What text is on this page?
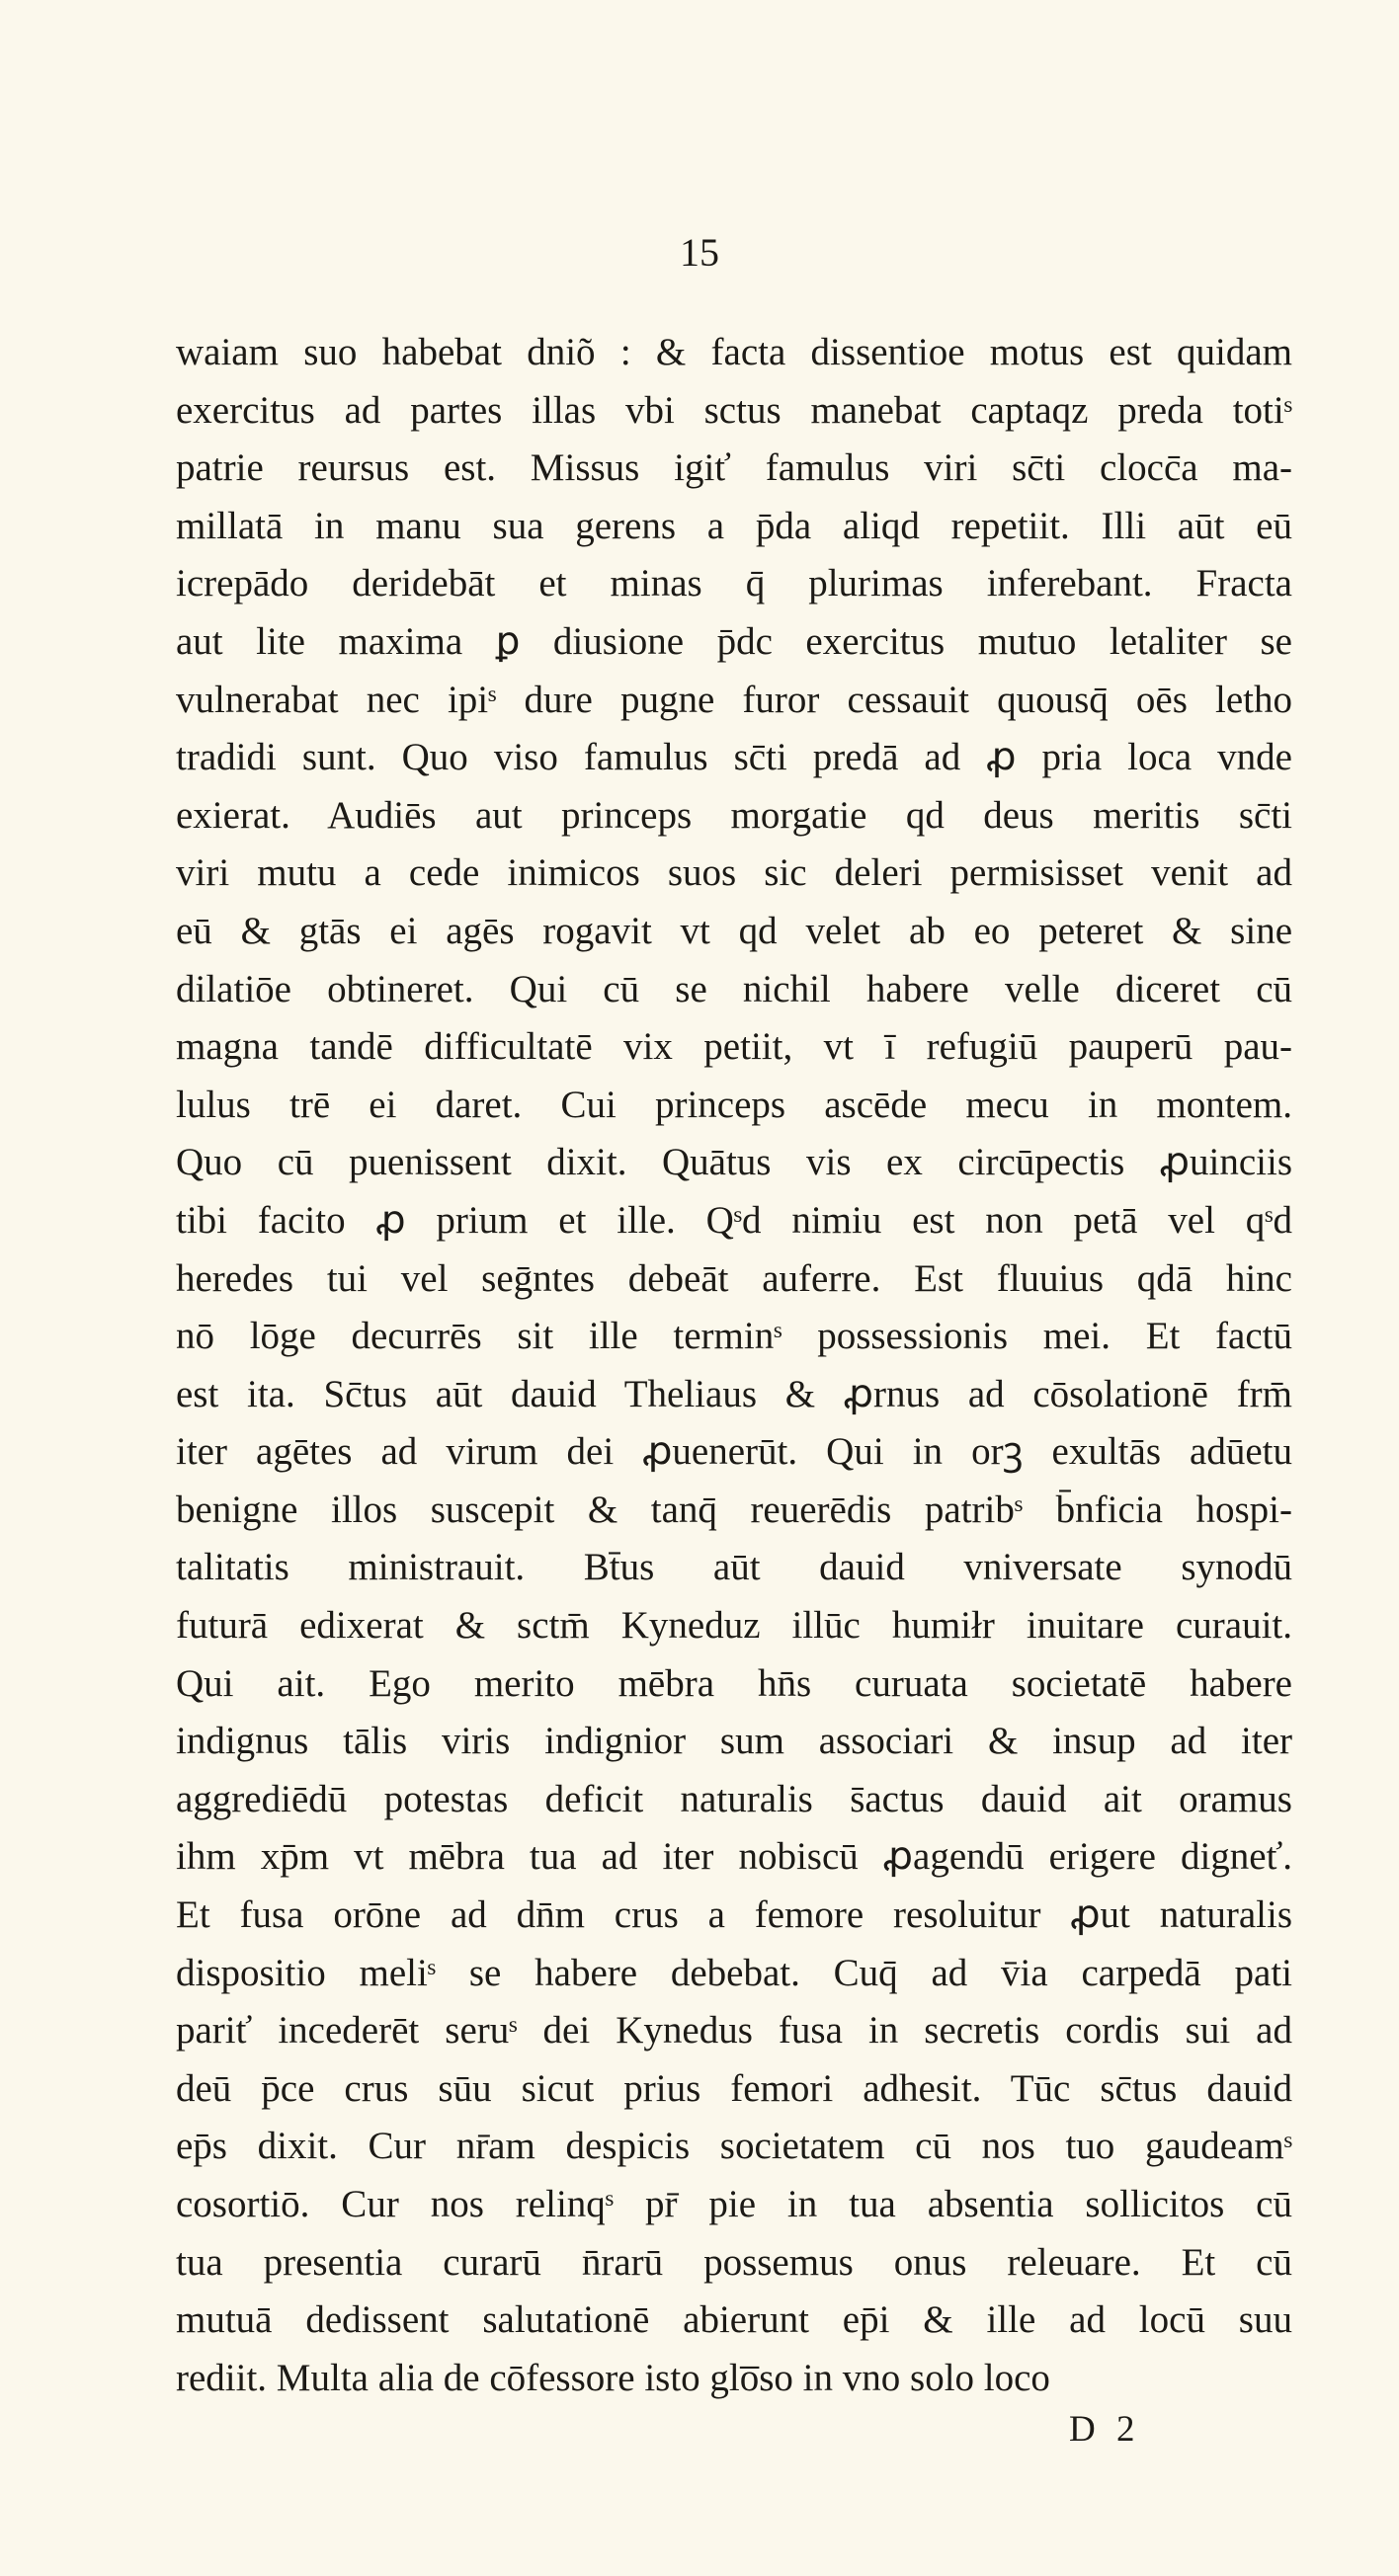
15
waiam suo habebat dniõ : & facta dissentioe motus est quidam
exercitus ad partes illas vbi sctus manebat captaqz preda totiˢ
patrie reursus est. Missus igiť famulus viri sc̄ti clocc̄a ma-
millatā in manu sua gerens a p̄da aliqd repetiit. Illi aūt eū
icrepādo deridebāt et minas q̄ plurimas inferebant. Fracta
aut lite maxima ꝑ diusione p̄dc exercitus mutuo letaliter se
vulnerabat nec ipiˢ dure pugne furor cessauit quousq̄ oēs letho
tradidi sunt. Quo viso famulus sc̄ti predā ad ꝓ pria loca vnde
exierat. Audiēs aut princeps morgatie qd deus meritis sc̄ti
viri mutu a cede inimicos suos sic deleri permisisset venit ad
eū & gtās ei agēs rogavit vt qd velet ab eo peteret & sine
dilatiōe obtineret. Qui cū se nichil habere velle diceret cū
magna tandē difficultatē vix petiit, vt ī refugiū pauperū pau-
lulus trē ei daret. Cui princeps ascēde mecu in montem.
Quo cū puenissent dixit. Quātus vis ex circūpectis ꝓuinciis
tibi facito ꝓ prium et ille. Qˢd nimiu est non petā vel qˢd
heredes tui vel seḡntes debeāt auferre. Est fluuius qdā hinc
nō lōge decurrēs sit ille terminˢ possessionis mei. Et factū
est ita. Sc̄tus aūt dauid Theliaus & ꝓrnus ad cōsolationē frm̄
iter agētes ad virum dei ꝓuenerūt. Qui in orꝫ exultās adūetu
benigne illos suscepit & tanq̄ reuerēdis patribˢ b̄nficia hospi-
talitatis ministrauit. Bt̄us aūt dauid vniversate synodū
futurā edixerat & sctm̄ Kyneduz illūc humiłr inuitare curauit.
Qui ait. Ego merito mēbra hn̄s curuata societatē habere
indignus tālis viris indignior sum associari & insup ad iter
aggrediēdū potestas deficit naturalis s̄actus dauid ait oramus
ihm xp̄m vt mēbra tua ad iter nobiscū ꝓagendū erigere digneť.
Et fusa orōne ad dn̄m crus a femore resoluitur ꝓut naturalis
dispositio meliˢ se habere debebat. Cuq̄ ad v̄ia carpedā pati
pariť incederēt seruˢ dei Kynedus fusa in secretis cordis sui ad
deū p̄ce crus sūu sicut prius femori adhesit. Tūc sc̄tus dauid
ep̄s dixit. Cur nr̄am despicis societatem cū nos tuo gaudeamˢ
cosortiō. Cur nos relinqˢ pr̄ pie in tua absentia sollicitos cū
tua presentia curarū n̄rarū possemus onus releuare. Et cū
mutuā dedissent salutationē abierunt ep̄i & ille ad locū suu
rediit. Multa alia de cōfessore isto glo̅so in vno solo loco
D 2
